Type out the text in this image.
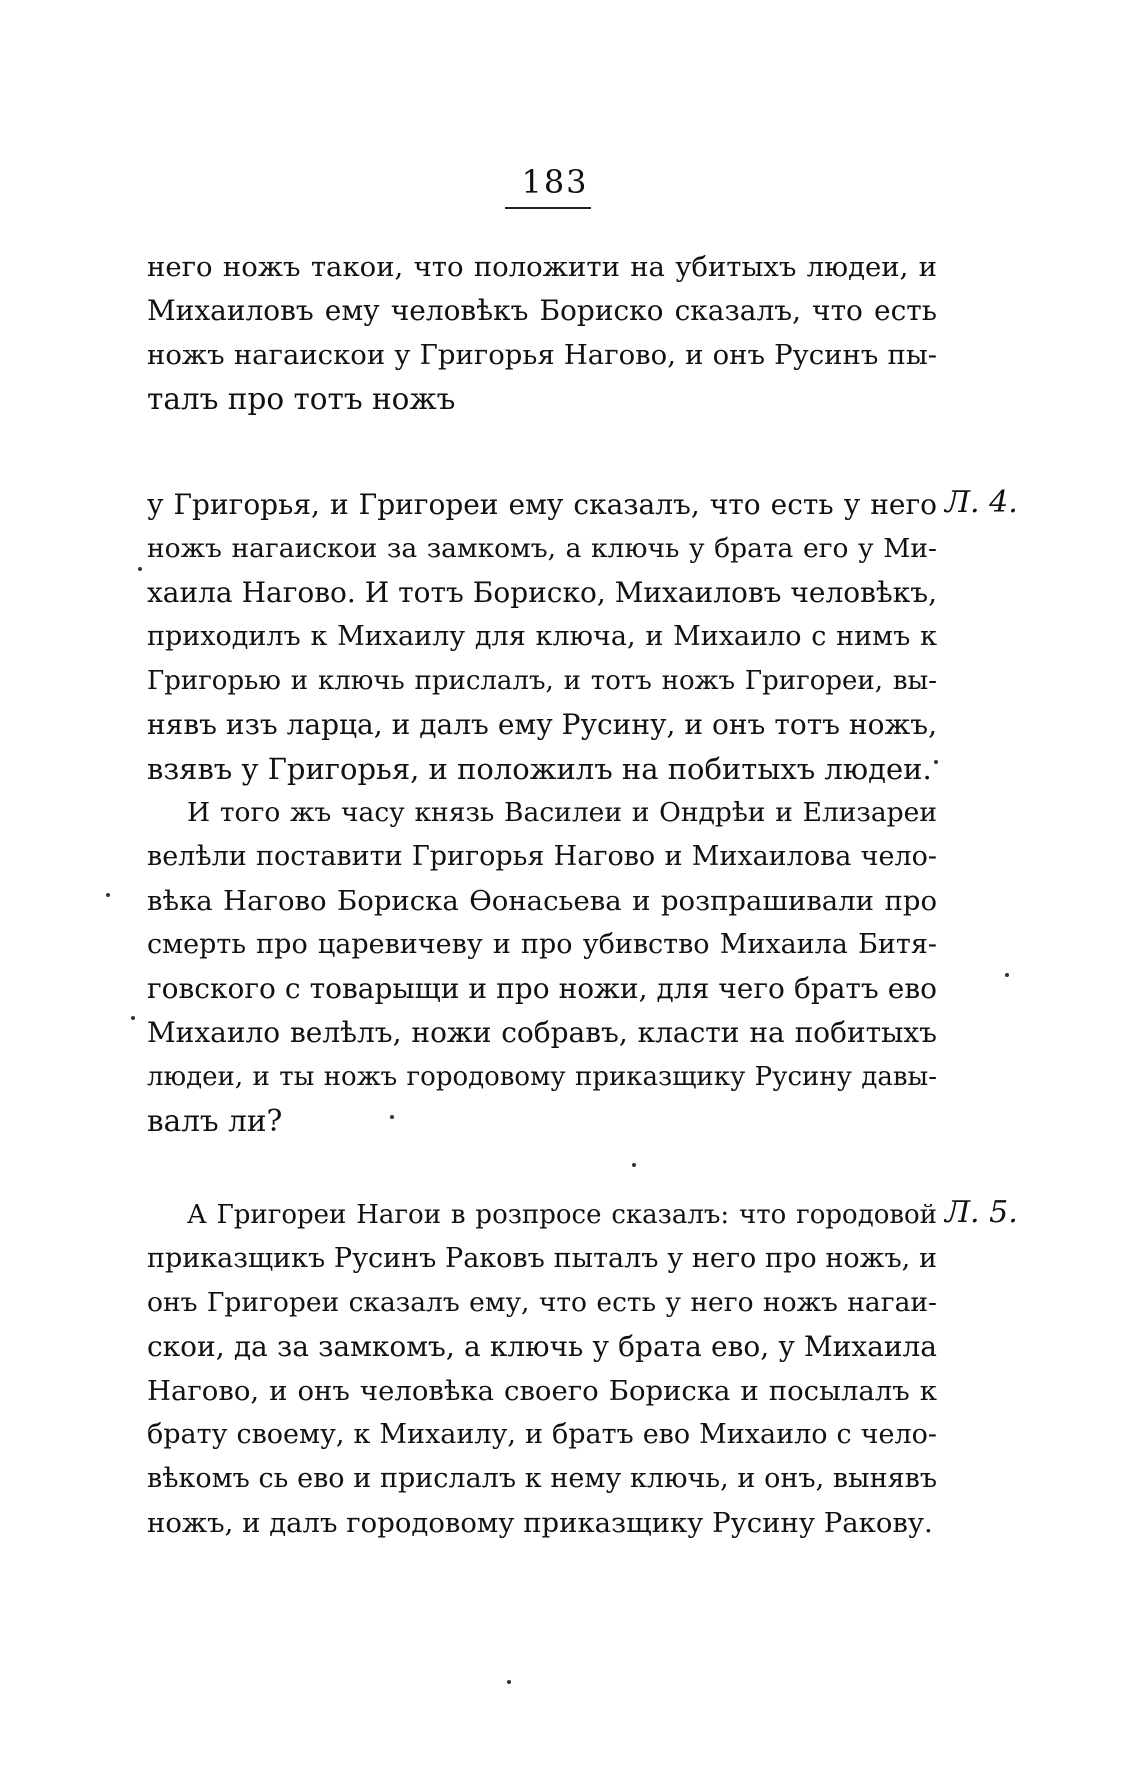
183
него ножъ такои, что положити на убитыхъ людеи, и
Михаиловъ ему человѣкъ Бориско сказалъ, что есть
ножъ нагаискои у Григорья Нагово, и онъ Русинъ пы-
талъ про тотъ ножъ
у Григорья, и Григореи ему сказалъ, что есть у него
ножъ нагаискои за замкомъ, а ключь у брата его у Ми-
хаила Нагово. И тотъ Бориско, Михаиловъ человѣкъ,
приходилъ к Михаилу для ключа, и Михаило с нимъ к
Григорью и ключь прислалъ, и тотъ ножъ Григореи, вы-
нявъ изъ ларца, и далъ ему Русину, и онъ тотъ ножъ,
взявъ у Григорья, и положилъ на побитыхъ людеи.
И того жъ часу князь Василеи и Ондрѣи и Елизареи
велѣли поставити Григорья Нагово и Михаилова чело-
вѣка Нагово Бориска Өонасьева и розпрашивали про
смерть про царевичеву и про убивство Михаила Битя-
говского с товарыщи и про ножи, для чего братъ ево
Михаило велѣлъ, ножи собравъ, класти на побитыхъ
людеи, и ты ножъ городовому приказщику Русину давы-
валъ ли?
А Григореи Нагои в розпросе сказалъ: что городовой
приказщикъ Русинъ Раковъ пыталъ у него про ножъ, и
онъ Григореи сказалъ ему, что есть у него ножъ нагаи-
скои, да за замкомъ, а ключь у брата ево, у Михаила
Нагово, и онъ человѣка своего Бориска и посылалъ к
брату своему, к Михаилу, и братъ ево Михаило с чело-
вѣкомъ сь ево и прислалъ к нему ключь, и онъ, вынявъ
ножъ, и далъ городовому приказщику Русину Ракову.
Л. 4.
Л. 5.
